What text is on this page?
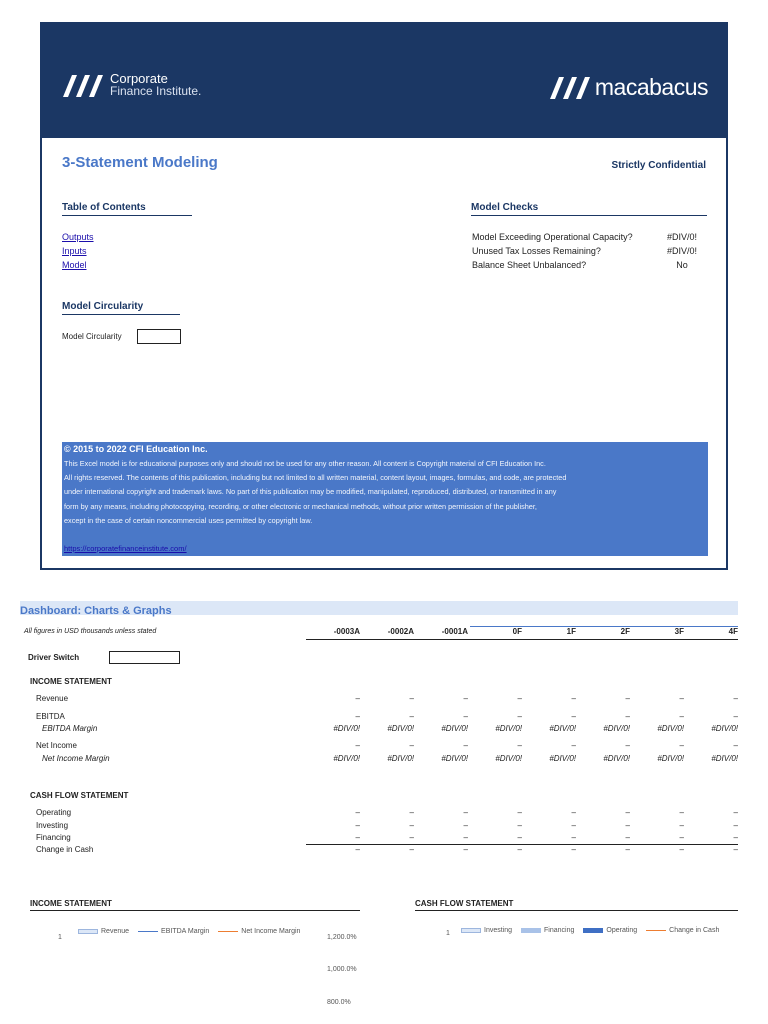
Corporate
Finance Institute.	macabacus
3-Statement Modeling	Strictly Confidential
Table of Contents
Outputs
Inputs
Model
Model Checks
Model Exceeding Operational Capacity?	#DIV/0!
Unused Tax Losses Remaining?	#DIV/0!
Balance Sheet Unbalanced?	No
Model Circularity
Model Circularity
© 2015 to 2022 CFI Education Inc.
This Excel model is for educational purposes only and should not be used for any other reason. All content is Copyright material of CFI Education Inc.
All rights reserved. The contents of this publication, including but not limited to all written material, content layout, images, formulas, and code, are protected
under international copyright and trademark laws. No part of this publication may be modified, manipulated, reproduced, distributed, or transmitted in any
form by any means, including photocopying, recording, or other electronic or mechanical methods, without prior written permission of the publisher,
except in the case of certain noncommercial uses permitted by copyright law.
https://corporatefinanceinstitute.com/
Dashboard: Charts & Graphs
All figures in USD thousands unless stated	-0003A	-0002A	-0001A	0F	1F	2F	3F	4F
Driver Switch
INCOME STATEMENT
Revenue	–	–	–	–	–	–	–	–
EBITDA	–	–	–	–	–	–	–	–
EBITDA Margin	#DIV/0!	#DIV/0!	#DIV/0!	#DIV/0!	#DIV/0!	#DIV/0!	#DIV/0!	#DIV/0!
Net Income	–	–	–	–	–	–	–	–
Net Income Margin	#DIV/0!	#DIV/0!	#DIV/0!	#DIV/0!	#DIV/0!	#DIV/0!	#DIV/0!	#DIV/0!
CASH FLOW STATEMENT
Operating	–	–	–	–	–	–	–	–
Investing	–	–	–	–	–	–	–	–
Financing	–	–	–	–	–	–	–	–
Change in Cash	–	–	–	–	–	–	–	–
INCOME STATEMENT
1
Revenue	EBITDA Margin	Net Income Margin
1,200.0%
1,000.0%
800.0%
CASH FLOW STATEMENT
1	Investing	Financing	Operating	Change in Cash
